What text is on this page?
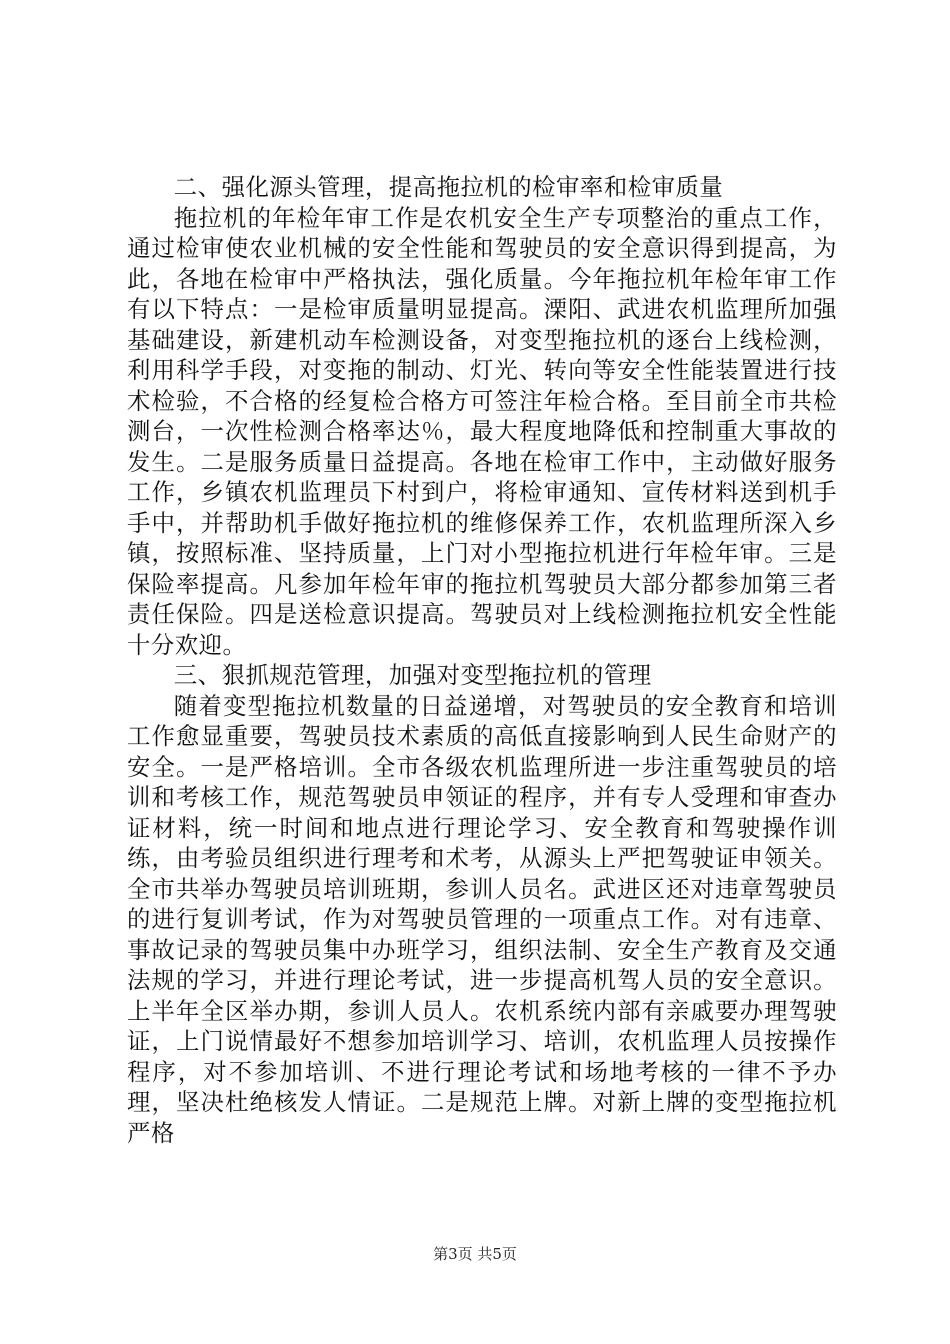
二、强化源头管理，提高拖拉机的检审率和检审质量

拖拉机的年检年审工作是农机安全生产专项整治的重点工作，通过检审使农业机械的安全性能和驾驶员的安全意识得到提高，为此，各地在检审中严格执法，强化质量。今年拖拉机年检年审工作有以下特点：一是检审质量明显提高。溧阳、武进农机监理所加强基础建设，新建机动车检测设备，对变型拖拉机的逐台上线检测，利用科学手段，对变拖的制动、灯光、转向等安全性能装置进行技术检验，不合格的经复检合格方可签注年检合格。至目前全市共检测台，一次性检测合格率达％，最大程度地降低和控制重大事故的发生。二是服务质量日益提高。各地在检审工作中，主动做好服务工作，乡镇农机监理员下村到户，将检审通知、宣传材料送到机手手中，并帮助机手做好拖拉机的维修保养工作，农机监理所深入乡镇，按照标准、坚持质量，上门对小型拖拉机进行年检年审。三是保险率提高。凡参加年检年审的拖拉机驾驶员大部分都参加第三者责任保险。四是送检意识提高。驾驶员对上线检测拖拉机安全性能十分欢迎。

三、狠抓规范管理，加强对变型拖拉机的管理

随着变型拖拉机数量的日益递增，对驾驶员的安全教育和培训工作愈显重要，驾驶员技术素质的高低直接影响到人民生命财产的安全。一是严格培训。全市各级农机监理所进一步注重驾驶员的培训和考核工作，规范驾驶员申领证的程序，并有专人受理和审查办证材料，统一时间和地点进行理论学习、安全教育和驾驶操作训练，由考验员组织进行理考和术考，从源头上严把驾驶证申领关。全市共举办驾驶员培训班期，参训人员名。武进区还对违章驾驶员的进行复训考试，作为对驾驶员管理的一项重点工作。对有违章、事故记录的驾驶员集中办班学习，组织法制、安全生产教育及交通法规的学习，并进行理论考试，进一步提高机驾人员的安全意识。上半年全区举办期，参训人员人。农机系统内部有亲戚要办理驾驶证，上门说情最好不想参加培训学习、培训，农机监理人员按操作程序，对不参加培训、不进行理论考试和场地考核的一律不予办理，坚决杜绝核发人情证。二是规范上牌。对新上牌的变型拖拉机严格

第3页 共5页
